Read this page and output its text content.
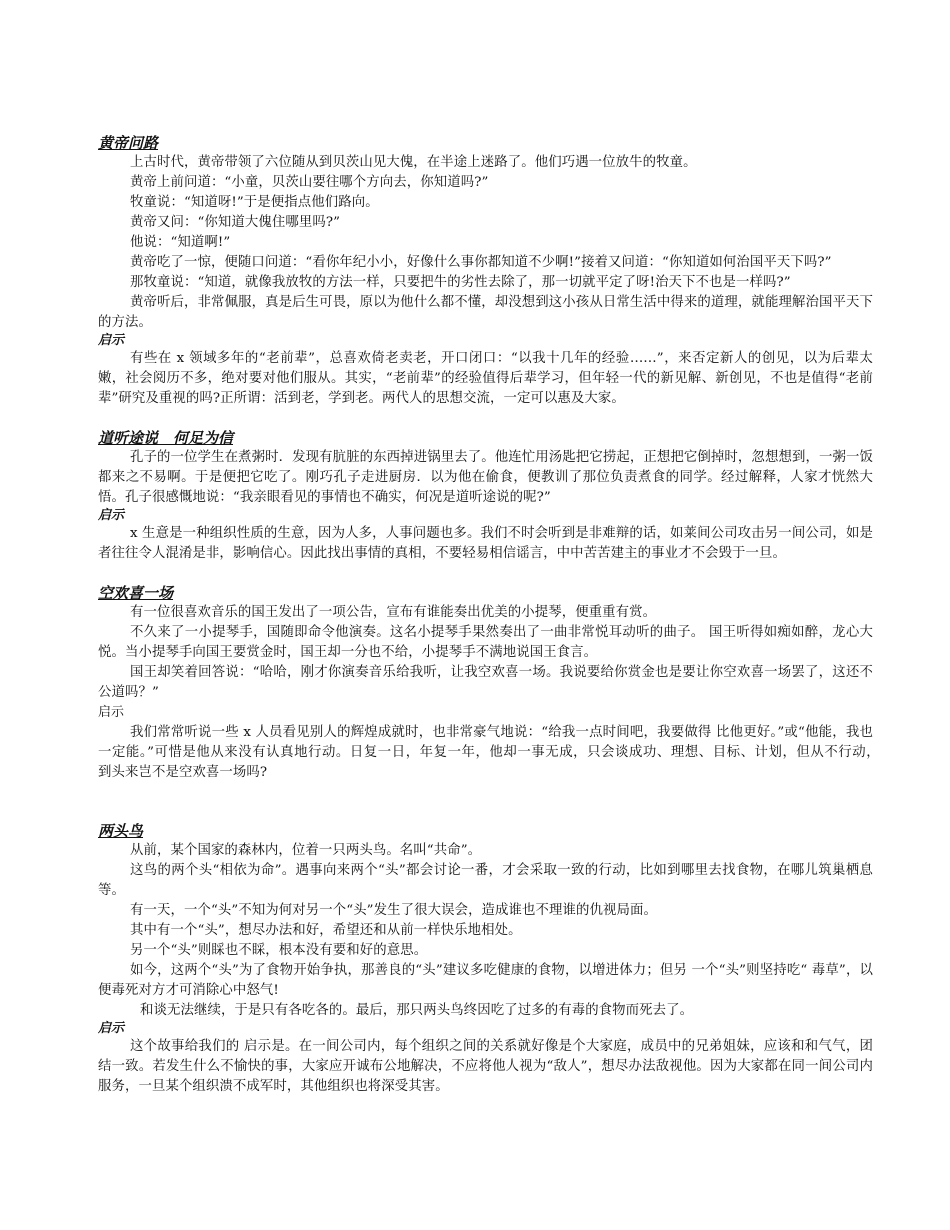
黄帝问路

上古时代，黄帝带领了六位随从到贝茨山见大傀，在半途上迷路了。他们巧遇一位放牛的牧童。

黄帝上前问道：“小童，贝茨山要往哪个方向去，你知道吗?”

牧童说：“知道呀!”于是便指点他们路向。

黄帝又问：“你知道大傀住哪里吗?”

他说：“知道啊!”

黄帝吃了一惊，便随口问道：“看你年纪小小，好像什么事你都知道不少啊!”接着又问道：“你知道如何治国平天下吗?”

那牧童说：“知道，就像我放牧的方法一样，只要把牛的劣性去除了，那一切就平定了呀!治天下不也是一样吗?”

黄帝听后，非常佩服，真是后生可畏，原以为他什么都不懂，却没想到这小孩从日常生活中得来的道理，就能理解治国平天下的方法。

启示

有些在 x 领域多年的“老前辈”，总喜欢倚老卖老，开口闭口：“以我十几年的经验……”，来否定新人的创见，以为后辈太嫩，社会阅历不多，绝对要对他们服从。其实，“老前辈”的经验值得后辈学习，但年轻一代的新见解、新创见，不也是值得“老前辈”研究及重视的吗?正所谓：活到老，学到老。两代人的思想交流，一定可以惠及大家。

道听途说　何足为信

孔子的一位学生在煮粥时．发现有肮脏的东西掉进锅里去了。他连忙用汤匙把它捞起，正想把它倒掉时，忽想想到，一粥一饭都来之不易啊。于是便把它吃了。刚巧孔子走进厨房．以为他在偷食，便教训了那位负责煮食的同学。经过解释，人家才恍然大悟。孔子很感慨地说：“我亲眼看见的事情也不确实，何况是道听途说的呢?”

启示

x 生意是一种组织性质的生意，因为人多，人事问题也多。我们不时会听到是非难辩的话，如莱间公司攻击另一间公司，如是者往往令人混淆是非，影响信心。因此找出事情的真相，不要轻易相信谣言，中中苦苦建主的事业才不会毁于一旦。

空欢喜一场

有一位很喜欢音乐的国王发出了一项公告，宣布有谁能奏出优美的小提琴，便重重有赏。

不久来了一小提琴手，国随即命令他演奏。这名小提琴手果然奏出了一曲非常悦耳动听的曲子。 国王听得如痴如醉，龙心大悦。当小提琴手向国王要赏金时，国王却一分也不给，小提琴手不满地说国王食言。

国王却笑着回答说：“哈哈，刚才你演奏音乐给我听，让我空欢喜一场。我说要给你赏金也是要让你空欢喜一场罢了，这还不公道吗？”

启示

我们常常听说一些 x 人员看见别人的辉煌成就时，也非常豪气地说：“给我一点时间吧，我要做得 比他更好。”或“他能，我也一定能。”可惜是他从来没有认真地行动。日复一日，年复一年，他却一事无成，只会谈成功、理想、目标、计划，但从不行动，　 到头来岂不是空欢喜一场吗?

两头鸟

从前，某个国家的森林内，位着一只两头鸟。名叫“共命”。

这鸟的两个头“相依为命”。遇事向来两个“头”都会讨论一番，才会采取一致的行动，比如到哪里去找食物，在哪儿筑巢栖息等。

有一天，一个“头”不知为何对另一个“头”发生了很大误会，造成谁也不理谁的仇视局面。

其中有一个“头”，想尽办法和好，希望还和从前一样快乐地相处。

另一个“头”则睬也不睬，根本没有要和好的意思。

如今，这两个“头”为了食物开始争执，那善良的“头”建议多吃健康的食物，以增进体力；但另 一个“头”则坚持吃“ 毒草”，以便毒死对方才可消除心中怒气!

和谈无法继续，于是只有各吃各的。最后，那只两头鸟终因吃了过多的有毒的食物而死去了。

启示

这个故事给我们的 启示是。在一间公司内，每个组织之间的关系就好像是个大家庭，成员中的兄弟姐妹，应该和和气气，团结一致。若发生什么不愉快的事，大家应开诚布公地解决，不应将他人视为“敌人”，想尽办法敌视他。因为大家都在同一间公司内服务，一旦某个组织溃不成军时，其他组织也将深受其害。
